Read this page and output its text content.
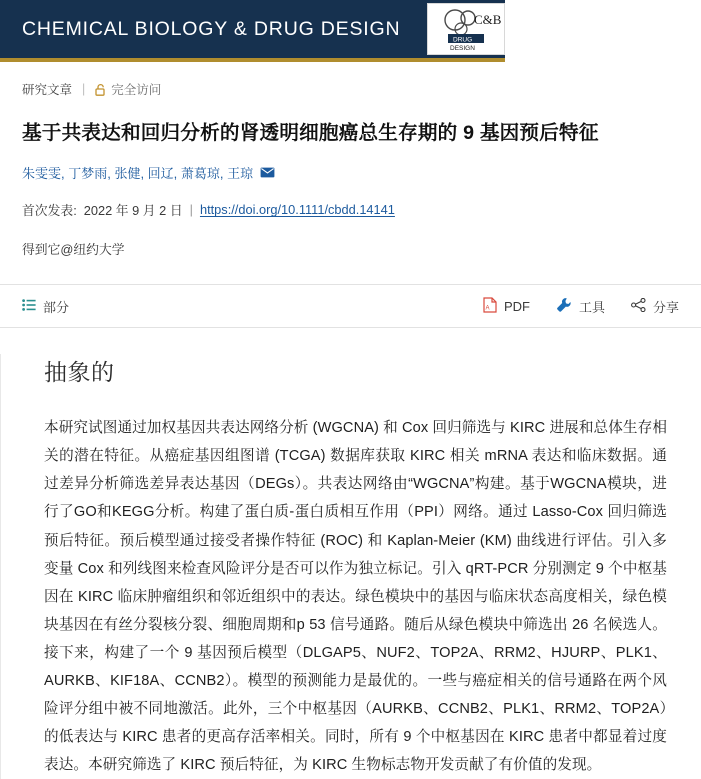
CHEMICAL BIOLOGY & DRUG DESIGN	C&B
DRUG
DESIGN
研究文章 | 完全访问
基于共表达和回归分析的肾透明细胞癌总生存期的 9 基因预后特征
朱雯雯, 丁梦雨, 张健, 回辽, 萧葛琼, 王琼
首次发表: 2022 年 9 月 2 日 | https://doi.org/10.1111/cbdd.14141
得到它@纽约大学
部分	A PDF	工具	分享
抽象的

本研究试图通过加权基因共表达网络分析 (WGCNA) 和 Cox 回归筛选与 KIRC 进展和总体生存相关的潜在特征。从癌症基因组图谱 (TCGA) 数据库获取 KIRC 相关 mRNA 表达和临床数据。通过差异分析筛选差异表达基因（DEGs）。共表达网络由“WGCNA”构建。基于WGCNA模块，进行了GO和KEGG分析。构建了蛋白质-蛋白质相互作用（PPI）网络。通过 Lasso-Cox 回归筛选预后特征。预后模型通过接受者操作特征 (ROC) 和 Kaplan-Meier (KM) 曲线进行评估。引入多变量 Cox 和列线图来检查风险评分是否可以作为独立标记。引入 qRT-PCR 分别测定 9 个中枢基因在 KIRC 临床肿瘤组织和邻近组织中的表达。绿色模块中的基因与临床状态高度相关，绿色模块基因在有丝分裂核分裂、细胞周期和p 53 信号通路。随后从绿色模块中筛选出 26 名候选人。接下来，构建了一个 9 基因预后模型（DLGAP5、NUF2、TOP2A、RRM2、HJURP、PLK1、AURKB、KIF18A、CCNB2）。模型的预测能力是最优的。一些与癌症相关的信号通路在两个风险评分组中被不同地激活。此外，三个中枢基因（AURKB、CCNB2、PLK1、RRM2、TOP2A）的低表达与 KIRC 患者的更高存活率相关。同时，所有 9 个中枢基因在 KIRC 患者中都显着过度表达。本研究筛选了 KIRC 预后特征，为 KIRC 生物标志物开发贡献了有价值的发现。
